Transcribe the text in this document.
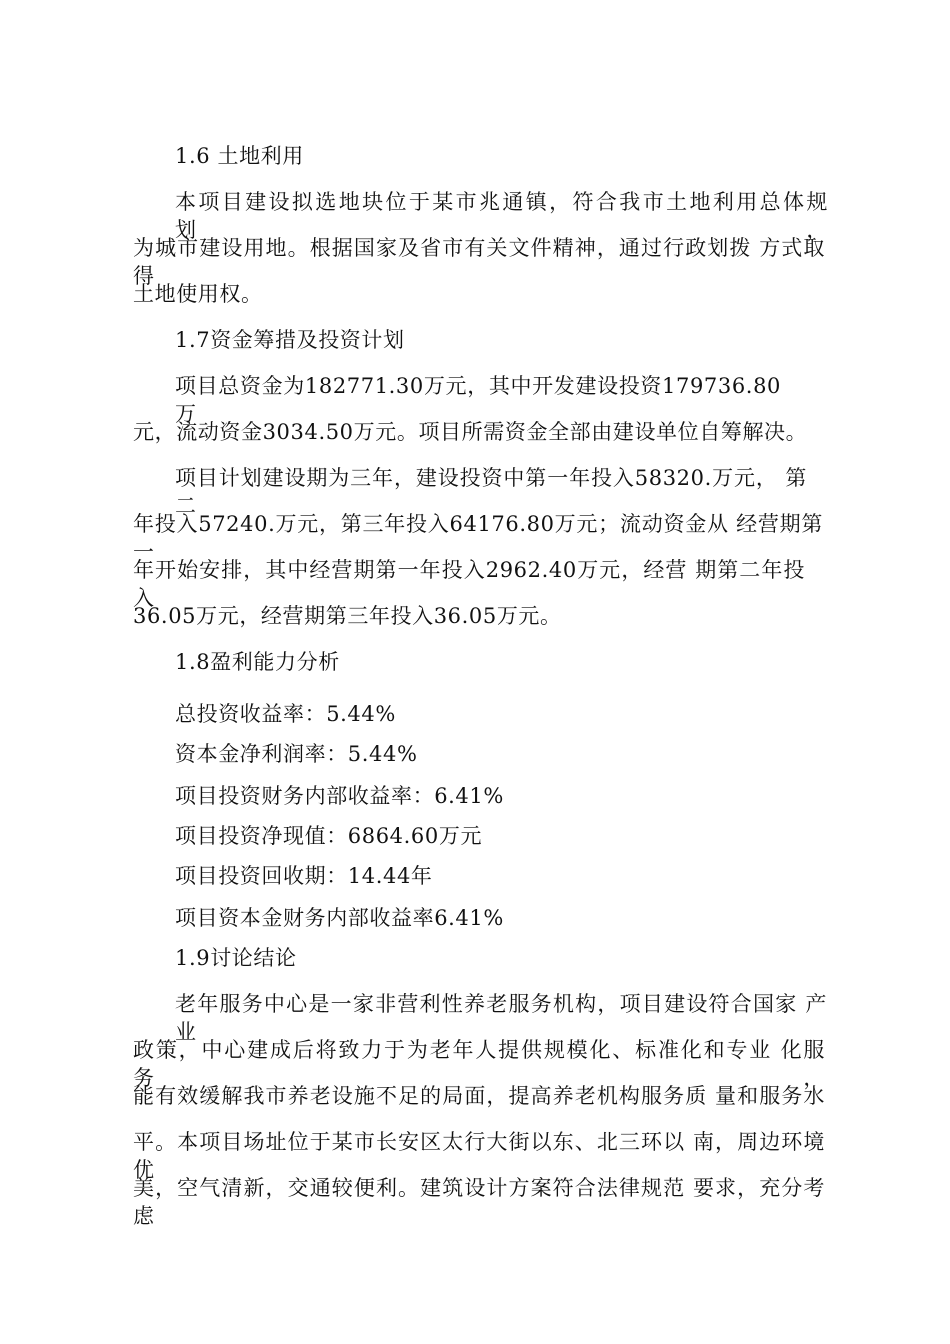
1.6 土地利用
本项目建设拟选地块位于某市兆通镇，符合我市土地利用总体规 划，
为城市建设用地。根据国家及省市有关文件精神，通过行政划拨 方式取得
土地使用权。
1.7资金筹措及投资计划
项目总资金为182771.30万元，其中开发建设投资179736.80万
元，流动资金3034.50万元。项目所需资金全部由建设单位自筹解决。
项目计划建设期为三年，建设投资中第一年投入58320.万元， 第二
年投入57240.万元，第三年投入64176.80万元；流动资金从 经营期第一
年开始安排，其中经营期第一年投入2962.40万元，经营 期第二年投入
36.05万元，经营期第三年投入36.05万元。
1.8盈利能力分析
总投资收益率：5.44%
资本金净利润率：5.44%
项目投资财务内部收益率：6.41%
项目投资净现值：6864.60万元
项目投资回收期：14.44年
项目资本金财务内部收益率6.41%
1.9讨论结论
老年服务中心是一家非营利性养老服务机构，项目建设符合国家 产业
政策，中心建成后将致力于为老年人提供规模化、标准化和专业 化服务，
能有效缓解我市养老设施不足的局面，提高养老机构服务质 量和服务水
平。本项目场址位于某市长安区太行大街以东、北三环以 南，周边环境优
美，空气清新，交通较便利。建筑设计方案符合法律规范 要求，充分考虑
